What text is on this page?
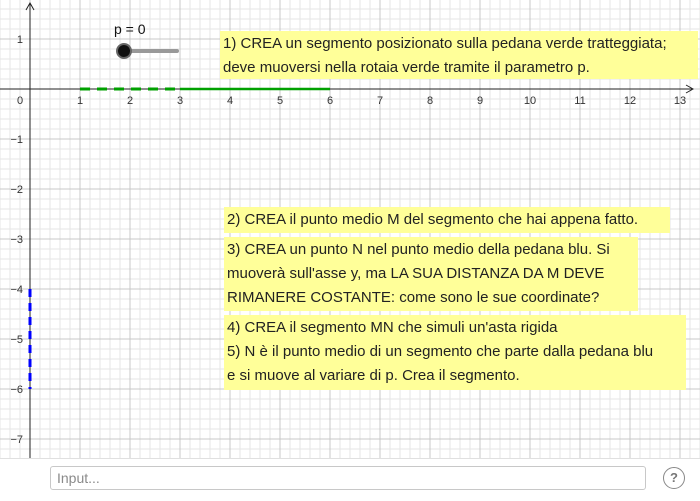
0	1	2	3	4	5	6	7	8	9	10	11	12	13
1
−1
−2
−3
−4
−5
−6
−7
p = 0
1) CREA un segmento posizionato sulla pedana verde tratteggiata;
deve muoversi nella rotaia verde tramite il parametro p.
2) CREA il punto medio M del segmento che hai appena fatto.
3) CREA un punto N nel punto medio della pedana blu. Si
muoverà sull'asse y, ma LA SUA DISTANZA DA M DEVE
RIMANERE COSTANTE: come sono le sue coordinate?
4) CREA il segmento MN che simuli un'asta rigida
5) N è il punto medio di un segmento che parte dalla pedana blu
e si muove al variare di p. Crea il segmento.
Input...
?
